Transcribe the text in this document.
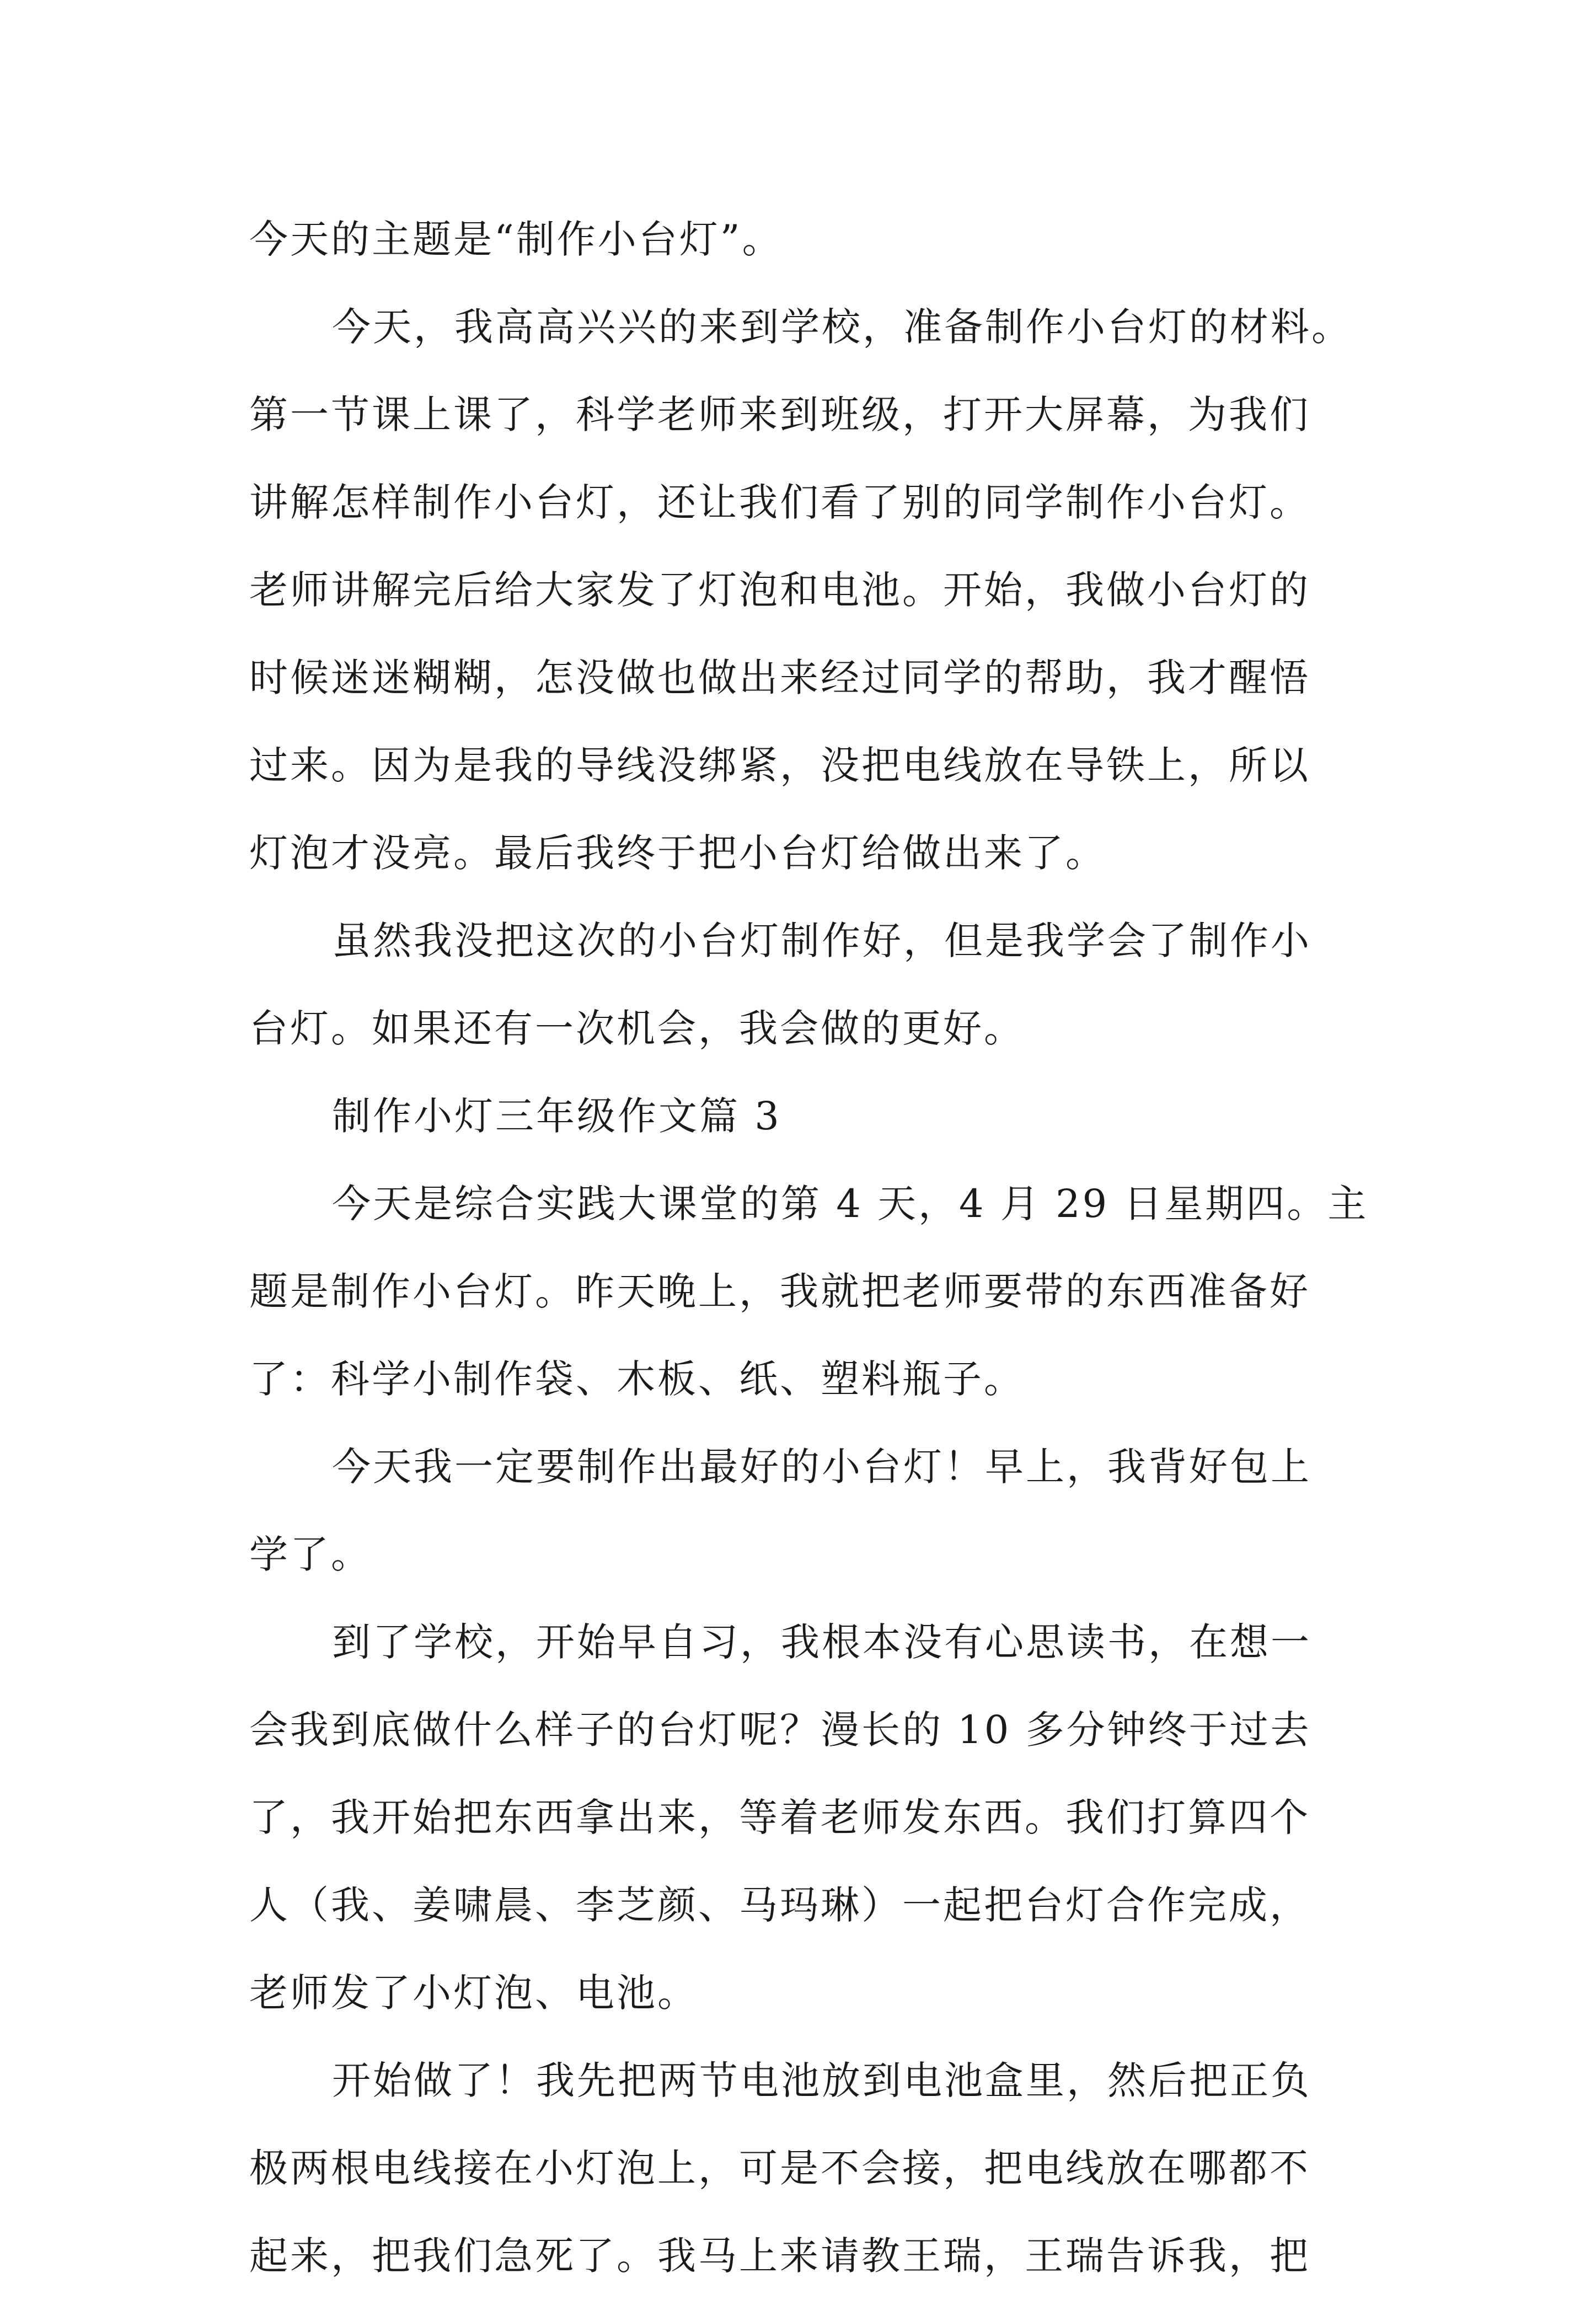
今天的主题是“制作小台灯”。
今天，我高高兴兴的来到学校，准备制作小台灯的材料。
第一节课上课了，科学老师来到班级，打开大屏幕，为我们
讲解怎样制作小台灯，还让我们看了别的同学制作小台灯。
老师讲解完后给大家发了灯泡和电池。开始，我做小台灯的
时候迷迷糊糊，怎没做也做出来经过同学的帮助，我才醒悟
过来。因为是我的导线没绑紧，没把电线放在导铁上，所以
灯泡才没亮。最后我终于把小台灯给做出来了。
虽然我没把这次的小台灯制作好，但是我学会了制作小
台灯。如果还有一次机会，我会做的更好。
制作小灯三年级作文篇 3
今天是综合实践大课堂的第 4 天，4 月 29 日星期四。主
题是制作小台灯。昨天晚上，我就把老师要带的东西准备好
了：科学小制作袋、木板、纸、塑料瓶子。
今天我一定要制作出最好的小台灯！早上，我背好包上
学了。
到了学校，开始早自习，我根本没有心思读书，在想一
会我到底做什么样子的台灯呢？漫长的 10 多分钟终于过去
了，我开始把东西拿出来，等着老师发东西。我们打算四个
人（我、姜啸晨、李芝颜、马玛琳）一起把台灯合作完成，
老师发了小灯泡、电池。
开始做了！我先把两节电池放到电池盒里，然后把正负
极两根电线接在小灯泡上，可是不会接，把电线放在哪都不
起来，把我们急死了。我马上来请教王瑞，王瑞告诉我，把
